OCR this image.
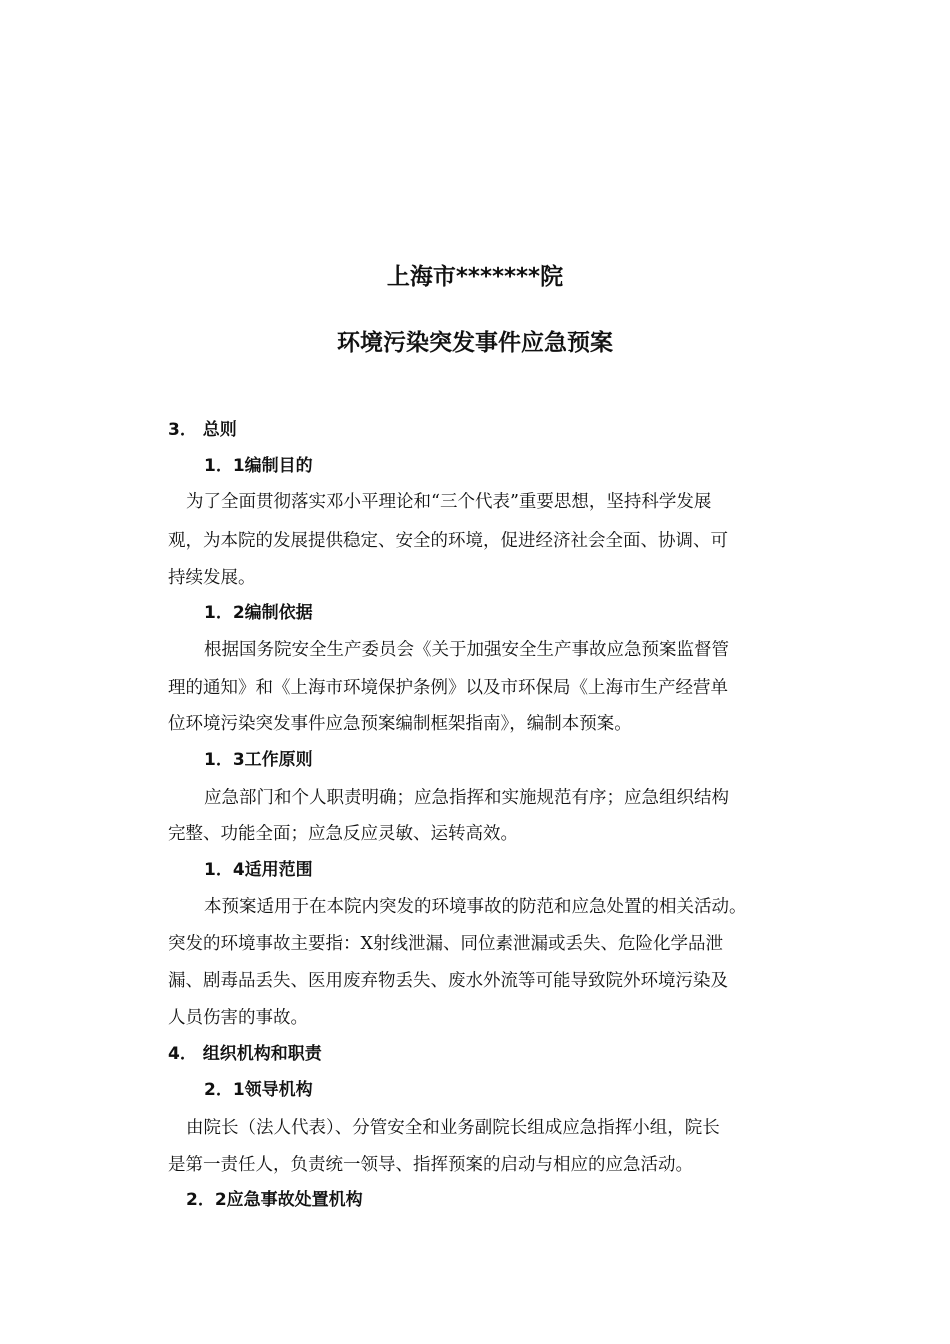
上海市*******院
环境污染突发事件应急预案
3． 总则
1．1编制目的
为了全面贯彻落实邓小平理论和“三个代表”重要思想，坚持科学发展
观，为本院的发展提供稳定、安全的环境，促进经济社会全面、协调、可
持续发展。
1．2编制依据
根据国务院安全生产委员会《关于加强安全生产事故应急预案监督管
理的通知》和《上海市环境保护条例》以及市环保局《上海市生产经营单
位环境污染突发事件应急预案编制框架指南》，编制本预案。
1．3工作原则
应急部门和个人职责明确；应急指挥和实施规范有序；应急组织结构
完整、功能全面；应急反应灵敏、运转高效。
1．4适用范围
本预案适用于在本院内突发的环境事故的防范和应急处置的相关活动。
突发的环境事故主要指：X射线泄漏、同位素泄漏或丢失、危险化学品泄
漏、剧毒品丢失、医用废弃物丢失、废水外流等可能导致院外环境污染及
人员伤害的事故。
4． 组织机构和职责
2．1领导机构
由院长（法人代表）、分管安全和业务副院长组成应急指挥小组，院长
是第一责任人，负责统一领导、指挥预案的启动与相应的应急活动。
2．2应急事故处置机构
